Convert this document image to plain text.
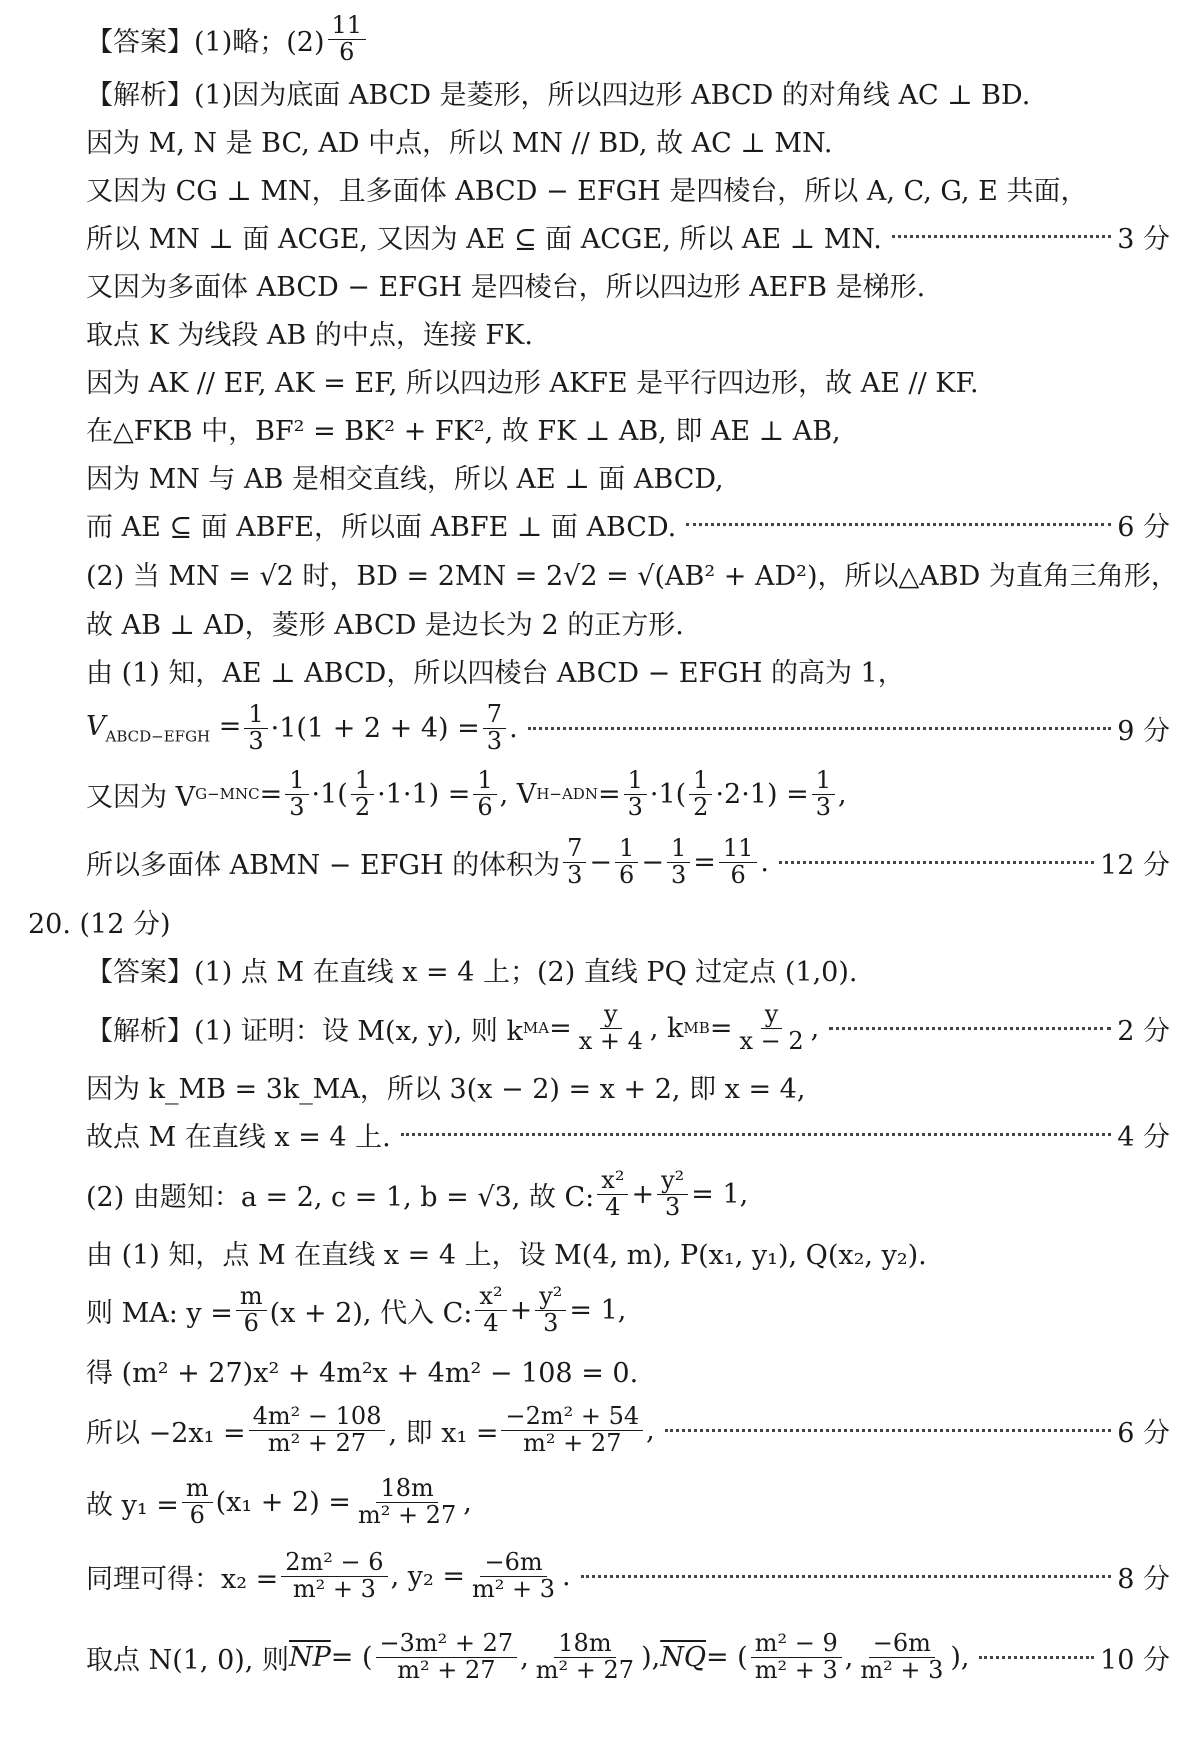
【答案】(1)略；$(2) \frac{11}{6}$
【解析】(1)因为底面 ABCD 是菱形，所以四边形 ABCD 的对角线 AC ⊥ BD.
因为 M, N 是 BC, AD 中点，所以 MN // BD, 故 AC ⊥ MN.
又因为 CG ⊥ MN，且多面体 ABCD − EFGH 是四棱台，所以 A, C, G, E 共面，
所以 MN ⊥ 面 ACGE, 又因为 AE ⊆ 面 ACGE, 所以 AE ⊥ MN.	3 分
又因为多面体 ABCD − EFGH 是四棱台，所以四边形 AEFB 是梯形.
取点 K 为线段 AB 的中点，连接 FK.
因为 AK // EF, AK = EF, 所以四边形 AKFE 是平行四边形，故 AE // KF.
在△FKB 中，BF² = BK² + FK², 故 FK ⊥ AB, 即 AE ⊥ AB,
因为 MN 与 AB 是相交直线，所以 AE ⊥ 面 ABCD,
而 AE ⊆ 面 ABFE，所以面 ABFE ⊥ 面 ABCD.	6 分
(2) 当 MN = √2 时，BD = 2MN = 2√2 = √(AB² + AD²)，所以△ABD 为直角三角形，
故 AB ⊥ AD，菱形 ABCD 是边长为 2 的正方形.
由 (1) 知，AE ⊥ ABCD，所以四棱台 ABCD − EFGH 的高为 1，
$V_{ABCD-EFGH} = \frac{1}{3} \cdot 1(1 + 2 + 4) = \frac{7}{3}$ .	9 分
又因为 V $G-MNC = \frac{1}{3} \cdot 1( \frac{1}{2} \cdot 1\cdot 1) = \frac{1}{6}$ , V $H-ADN = \frac{1}{3} \cdot 1( \frac{1}{2} \cdot 2\cdot 1) = \frac{1}{3}$ ,
所以多面体 ABMN − EFGH 的体积为 $\frac{7}{3} - \frac{1}{6} - \frac{1}{3} = \frac{11}{6}$ .	12 分
20. (12 分)
【答案】(1) 点 M 在直线 x = 4 上；(2) 直线 PQ 过定点 (1,0).
【解析】(1) 证明：设 M(x, y), 则 k MA = $\frac{y}{x + 4}$ , k MB = $\frac{y}{x - 2}$ ,	2 分
因为 k_MB = 3k_MA，所以 3(x − 2) = x + 2, 即 x = 4,
故点 M 在直线 x = 4 上.	4 分
(2) 由题知：a = 2, c = 1, b = √3, 故 C: $\frac{\text{x²}}{4} + \frac{\text{y²}}{3} = 1$,
由 (1) 知，点 M 在直线 x = 4 上，设 M(4, m), P(x₁, y₁), Q(x₂, y₂).
则 MA: $y = \frac{m}{6} (x + 2)$, 代入 C: $\frac{\text{x²}}{4} + \frac{\text{y²}}{3} = 1$,
得 (m² + 27)x² + 4m²x + 4m² − 108 = 0.
所以 $-2x_1 = \frac{\text{4m² − 108}}{\text{m² + 27}}$ , 即 $x_1 = \frac{\text{−2m² + 54}}{\text{m² + 27}}$ ,	6 分
故 $y_1 = \frac{m}{6} (x_1 + 2) = \frac{18m}{\text{m² + 27}}$ ,
同理可得：$x_2 = \frac{\text{2m² − 6}}{\text{m² + 3}}$ , $y_2 = \frac{-6m}{\text{m² + 3}}$ .	8 分
取点 N(1, 0), 则 $\overline{NP}$ = ( $\frac{\text{−3m² + 27}}{\text{m² + 27}}$ , $\frac{18m}{\text{m² + 27}}$ ), $\overline{NQ}$ = ( $\frac{\text{m² − 9}}{\text{m² + 3}}$ , $\frac{-6m}{\text{m² + 3}}$ ),	10 分
